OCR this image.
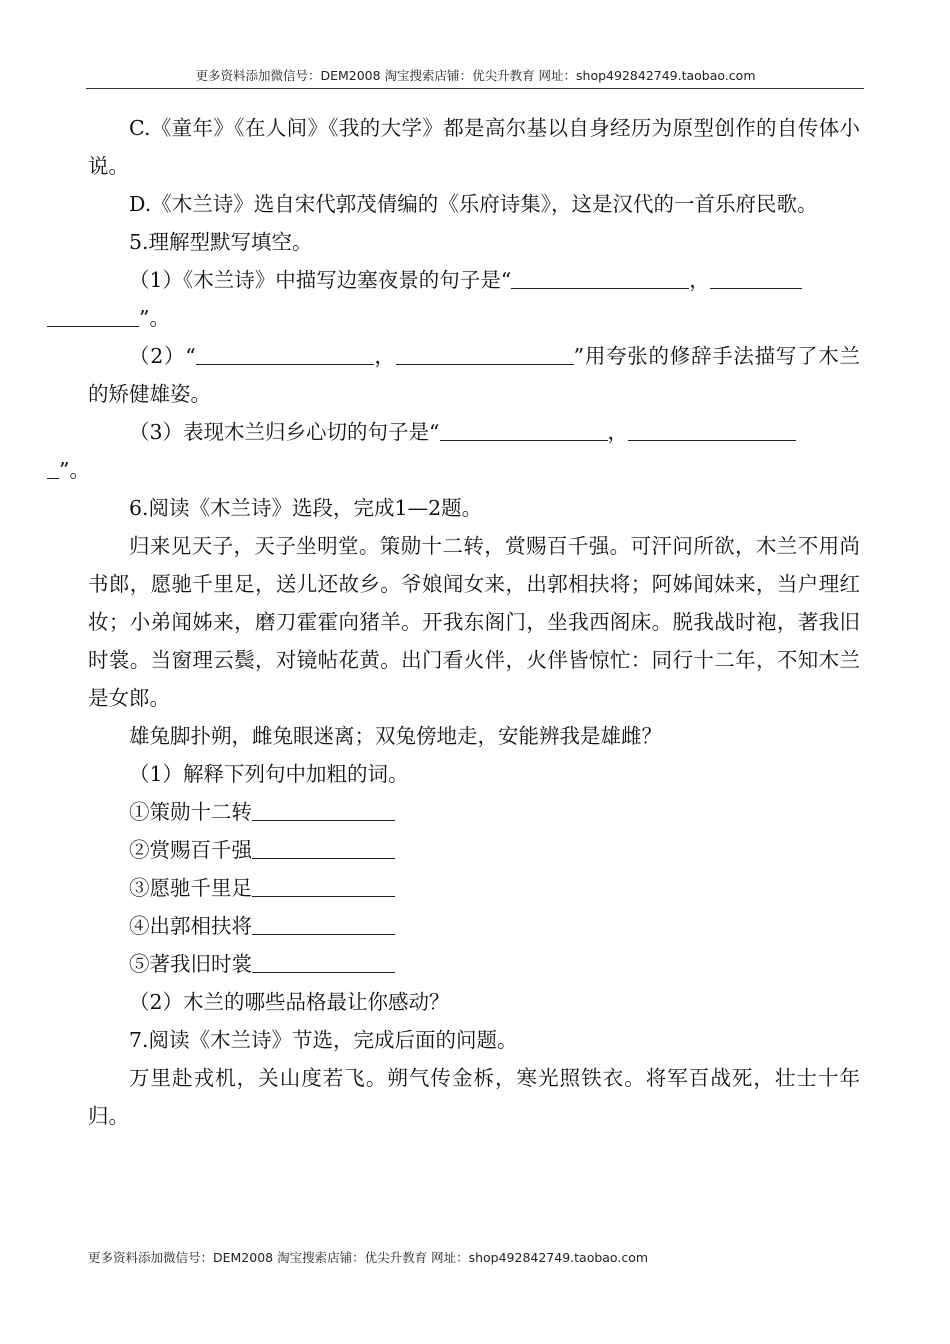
更多资料添加微信号：DEM2008 淘宝搜索店铺：优尖升教育 网址：shop492842749.taobao.com

C.《童年》《在人间》《我的大学》都是高尔基以自身经历为原型创作的自传体小说。

D.《木兰诗》选自宋代郭茂倩编的《乐府诗集》，这是汉代的一首乐府民歌。

5.理解型默写填空。

（1）《木兰诗》中描写边塞夜景的句子是“	，
”。

（2）“	，	”用夸张的修辞手法描写了木兰的矫健雄姿。

（3）表现木兰归乡心切的句子是“	，
”。

6.阅读《木兰诗》选段，完成1—2题。

归来见天子，天子坐明堂。策勋十二转，赏赐百千强。可汗问所欲，木兰不用尚书郎，愿驰千里足，送儿还故乡。爷娘闻女来，出郭相扶将；阿姊闻妹来，当户理红妆；小弟闻姊来，磨刀霍霍向猪羊。开我东阁门，坐我西阁床。脱我战时袍，著我旧时裳。当窗理云鬓，对镜帖花黄。出门看火伴，火伴皆惊忙：同行十二年，不知木兰是女郎。

雄兔脚扑朔，雌兔眼迷离；双兔傍地走，安能辨我是雄雌？

（1）解释下列句中加粗的词。

①策勋十二转

②赏赐百千强

③愿驰千里足

④出郭相扶将

⑤著我旧时裳

（2）木兰的哪些品格最让你感动？

7.阅读《木兰诗》节选，完成后面的问题。

万里赴戎机，关山度若飞。朔气传金柝，寒光照铁衣。将军百战死，壮士十年归。

更多资料添加微信号：DEM2008 淘宝搜索店铺：优尖升教育 网址：shop492842749.taobao.com
